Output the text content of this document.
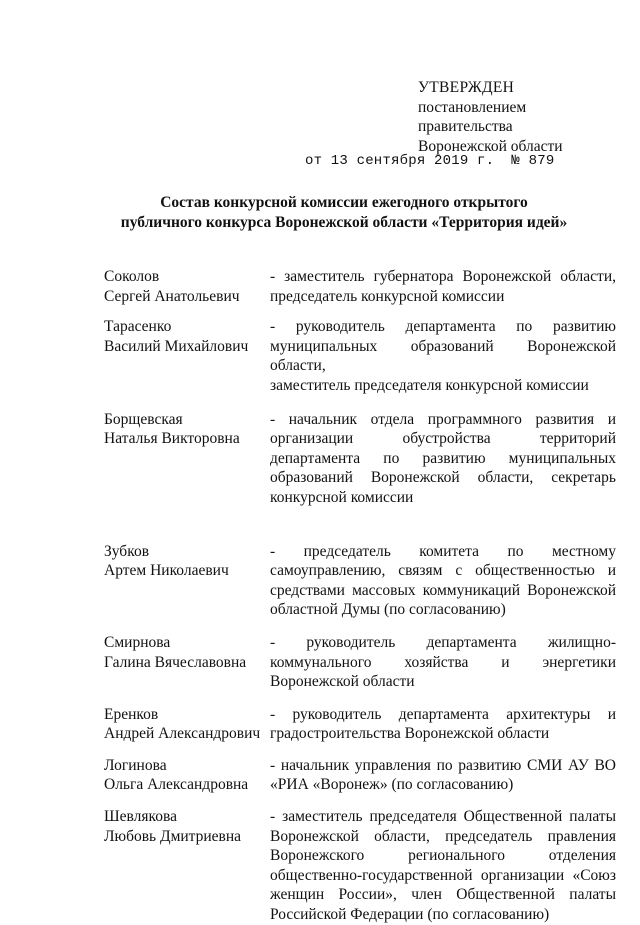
УТВЕРЖДЕН
постановлением
правительства
Воронежской области
от 13 сентября 2019 г.  № 879
Состав конкурсной комиссии ежегодного открытого
публичного конкурса Воронежской области «Территория идей»
Соколов
Сергей Анатольевич
- заместитель губернатора Воронежской области,
председатель конкурсной комиссии
Тарасенко
Василий Михайлович
- руководитель департамента по развитию
муниципальных образований Воронежской области,
заместитель председателя конкурсной комиссии
Борщевская
Наталья Викторовна
- начальник отдела программного развития и
организации обустройства территорий
департамента по развитию муниципальных
образований Воронежской области, секретарь
конкурсной комиссии
Зубков
Артем Николаевич
- председатель комитета по местному
самоуправлению, связям с общественностью и
средствами массовых коммуникаций Воронежской
областной Думы (по согласованию)
Смирнова
Галина Вячеславовна
- руководитель департамента жилищно-
коммунального хозяйства и энергетики
Воронежской области
Еренков
Андрей Александрович
- руководитель департамента архитектуры и
градостроительства Воронежской области
Логинова
Ольга Александровна
- начальник управления по развитию СМИ АУ ВО
«РИА «Воронеж» (по согласованию)
Шевлякова
Любовь Дмитриевна
- заместитель председателя Общественной палаты
Воронежской области, председатель правления
Воронежского регионального отделения
общественно-государственной организации «Союз
женщин России», член Общественной палаты
Российской Федерации (по согласованию)
